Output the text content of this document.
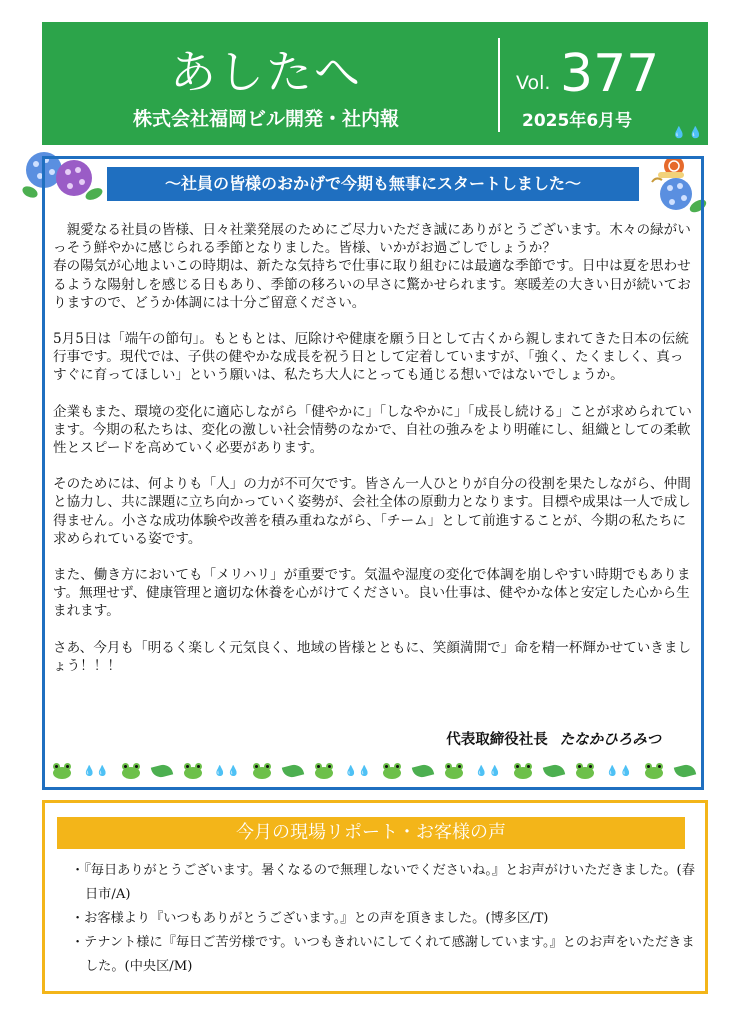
あしたへ
株式会社福岡ビル開発・社内報
Vol. 377
2025年6月号
💧💧
〜社員の皆様のおかげで今期も無事にスタートしました〜

　親愛なる社員の皆様、日々社業発展のためにご尽力いただき誠にありがとうございます。木々の緑がいっそう鮮やかに感じられる季節となりました。皆様、いかがお過ごしでしょうか？
春の陽気が心地よいこの時期は、新たな気持ちで仕事に取り組むには最適な季節です。日中は夏を思わせるような陽射しを感じる日もあり、季節の移ろいの早さに驚かせられます。寒暖差の大きい日が続いておりますので、どうか体調には十分ご留意ください。

5月5日は「端午の節句」。もともとは、厄除けや健康を願う日として古くから親しまれてきた日本の伝統行事です。現代では、子供の健やかな成長を祝う日として定着していますが、「強く、たくましく、真っすぐに育ってほしい」という願いは、私たち大人にとっても通じる想いではないでしょうか。

企業もまた、環境の変化に適応しながら「健やかに」「しなやかに」「成長し続ける」ことが求められています。今期の私たちは、変化の激しい社会情勢のなかで、自社の強みをより明確にし、組織としての柔軟性とスピードを高めていく必要があります。

そのためには、何よりも「人」の力が不可欠です。皆さん一人ひとりが自分の役割を果たしながら、仲間と協力し、共に課題に立ち向かっていく姿勢が、会社全体の原動力となります。目標や成果は一人で成し得ません。小さな成功体験や改善を積み重ねながら、「チーム」として前進することが、今期の私たちに求められている姿です。

また、働き方においても「メリハリ」が重要です。気温や湿度の変化で体調を崩しやすい時期でもあります。無理せず、健康管理と適切な休養を心がけてください。良い仕事は、健やかな体と安定した心から生まれます。

さあ、今月も「明るく楽しく元気良く、地域の皆様とともに、笑顔満開で」命を精一杯輝かせていきましょう！！！

代表取締役社長 たなかひろみつ
💧💧	💧💧	💧💧	💧💧	💧💧
今月の現場リポート・お客様の声
・『毎日ありがとうございます。暑くなるので無理しないでくださいね。』とお声がけいただきました。(春日市/A)
・お客様より『いつもありがとうございます。』との声を頂きました。(博多区/T)
・テナント様に『毎日ご苦労様です。いつもきれいにしてくれて感謝しています。』とのお声をいただきました。(中央区/M)
